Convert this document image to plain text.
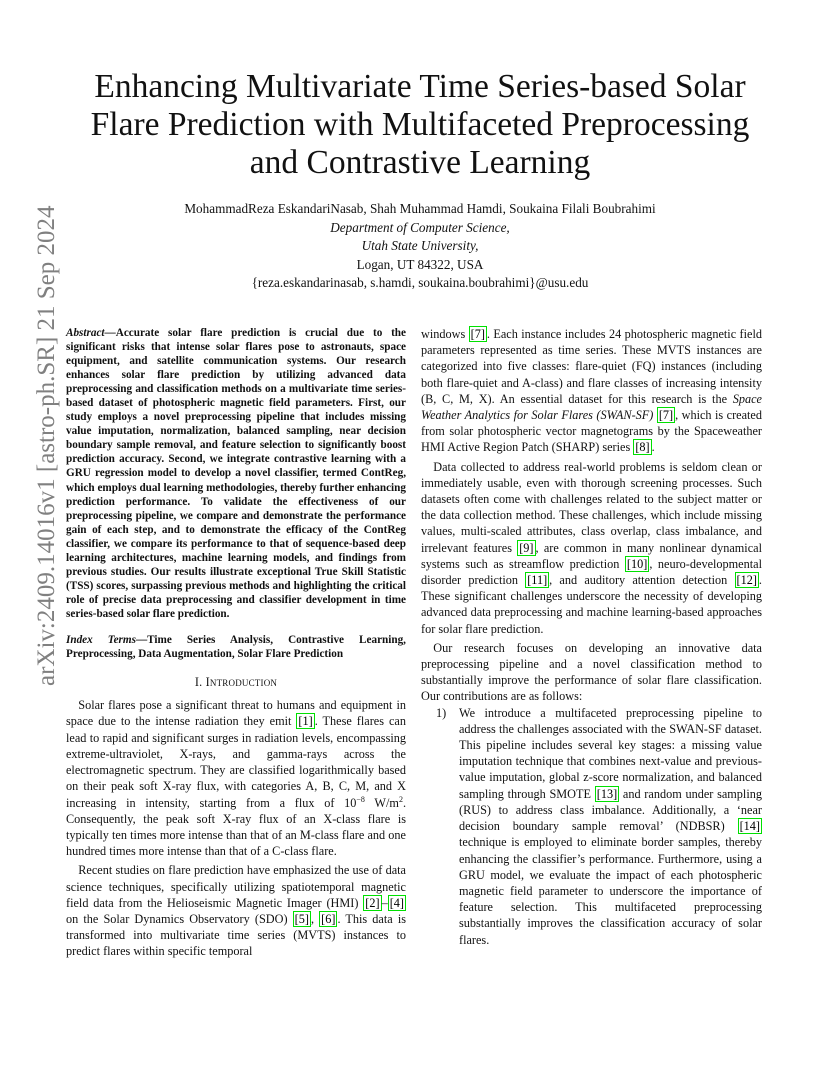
arXiv:2409.14016v1 [astro-ph.SR] 21 Sep 2024
Enhancing Multivariate Time Series-based Solar
Flare Prediction with Multifaceted Preprocessing
and Contrastive Learning
MohammadReza EskandariNasab, Shah Muhammad Hamdi, Soukaina Filali Boubrahimi
Department of Computer Science,
Utah State University,
Logan, UT 84322, USA
{reza.eskandarinasab, s.hamdi, soukaina.boubrahimi}@usu.edu

Abstract—Accurate solar flare prediction is crucial due to the significant risks that intense solar flares pose to astronauts, space equipment, and satellite communication systems. Our research enhances solar flare prediction by utilizing advanced data preprocessing and classification methods on a multivariate time series-based dataset of photospheric magnetic field parameters. First, our study employs a novel preprocessing pipeline that includes missing value imputation, normalization, balanced sampling, near decision boundary sample removal, and feature selection to significantly boost prediction accuracy. Second, we integrate contrastive learning with a GRU regression model to develop a novel classifier, termed ContReg, which employs dual learning methodologies, thereby further enhancing prediction performance. To validate the effectiveness of our preprocessing pipeline, we compare and demonstrate the performance gain of each step, and to demonstrate the efficacy of the ContReg classifier, we compare its performance to that of sequence-based deep learning architectures, machine learning models, and findings from previous studies. Our results illustrate exceptional True Skill Statistic (TSS) scores, surpassing previous methods and highlighting the critical role of precise data preprocessing and classifier development in time series-based solar flare prediction.

Index Terms—Time Series Analysis, Contrastive Learning, Preprocessing, Data Augmentation, Solar Flare Prediction

I. Introduction

Solar flares pose a significant threat to humans and equipment in space due to the intense radiation they emit [1] . These flares can lead to rapid and significant surges in radiation levels, encompassing extreme-ultraviolet, X-rays, and gamma-rays across the electromagnetic spectrum. They are classified logarithmically based on their peak soft X-ray flux, with categories A, B, C, M, and X increasing in intensity, starting from a flux of $10^{-8}$ $W/m^2$. Consequently, the peak soft X-ray flux of an X-class flare is typically ten times more intense than that of an M-class flare and one hundred times more intense than that of a C-class flare.

Recent studies on flare prediction have emphasized the use of data science techniques, specifically utilizing spatiotemporal magnetic field data from the Helioseismic Magnetic Imager (HMI) [2] – [4] on the Solar Dynamics Observatory (SDO) [5] , [6] . This data is transformed into multivariate time series (MVTS) instances to predict flares within specific temporal

windows [7] . Each instance includes 24 photospheric magnetic field parameters represented as time series. These MVTS instances are categorized into five classes: flare-quiet (FQ) instances (including both flare-quiet and A-class) and flare classes of increasing intensity (B, C, M, X). An essential dataset for this research is the Space Weather Analytics for Solar Flares (SWAN-SF) [7] , which is created from solar photospheric vector magnetograms by the Spaceweather HMI Active Region Patch (SHARP) series [8] .

Data collected to address real-world problems is seldom clean or immediately usable, even with thorough screening processes. Such datasets often come with challenges related to the subject matter or the data collection method. These challenges, which include missing values, multi-scaled attributes, class overlap, class imbalance, and irrelevant features [9] , are common in many nonlinear dynamical systems such as streamflow prediction [10] , neuro-developmental disorder prediction [11] , and auditory attention detection [12] . These significant challenges underscore the necessity of developing advanced data preprocessing and machine learning-based approaches for solar flare prediction.

Our research focuses on developing an innovative data preprocessing pipeline and a novel classification method to substantially improve the performance of solar flare classification. Our contributions are as follows:

1) We introduce a multifaceted preprocessing pipeline to address the challenges associated with the SWAN-SF dataset. This pipeline includes several key stages: a missing value imputation technique that combines next-value and previous-value imputation, global z-score normalization, and balanced sampling through SMOTE [13] and random under sampling (RUS) to address class imbalance. Additionally, a ‘near decision boundary sample removal’ (NDBSR) [14] technique is employed to eliminate border samples, thereby enhancing the classifier’s performance. Furthermore, using a GRU model, we evaluate the impact of each photospheric magnetic field parameter to underscore the importance of feature selection. This multifaceted preprocessing substantially improves the classification accuracy of solar flares.
